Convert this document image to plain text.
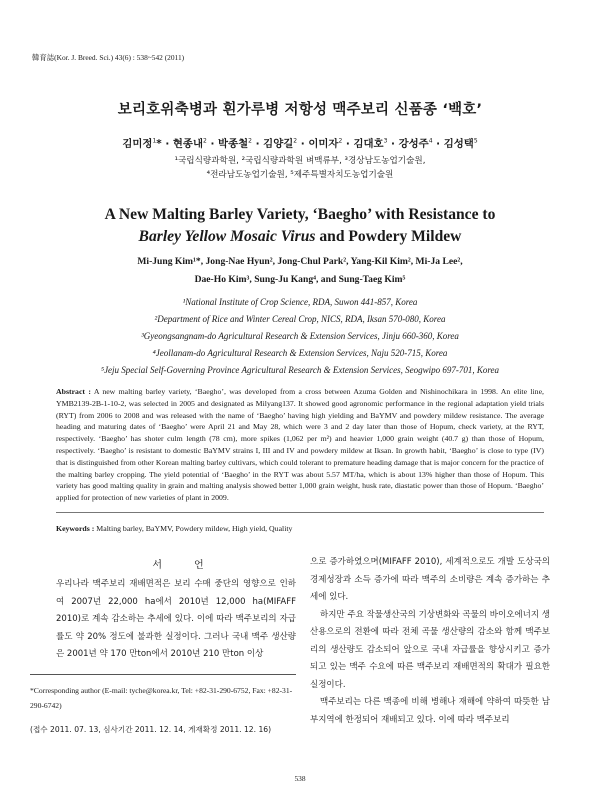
韓育誌(Kor. J. Breed. Sci.) 43(6) : 538~542 (2011)
보리호위축병과 흰가루병 저항성 맥주보리 신품종 ‘백호’
김미정$^1$* · 현종내$^2$ · 박종철$^2$ · 김양길$^2$ · 이미자$^2$ · 김대호$^3$ · 강성주$^4$ · 김성택$^5$
¹국립식량과학원, ²국립식량과학원 벼맥류부, ³경상남도농업기술원,
⁴전라남도농업기술원, ⁵제주특별자치도농업기술원
A New Malting Barley Variety, ‘Baegho’ with Resistance to
Barley Yellow Mosaic Virus and Powdery Mildew
Mi-Jung Kim¹*, Jong-Nae Hyun², Jong-Chul Park², Yang-Kil Kim², Mi-Ja Lee²,
Dae-Ho Kim³, Sung-Ju Kang⁴, and Sung-Taeg Kim⁵
¹National Institute of Crop Science, RDA, Suwon 441-857, Korea
²Department of Rice and Winter Cereal Crop, NICS, RDA, Iksan 570-080, Korea
³Gyeongsangnam-do Agricultural Research & Extension Services, Jinju 660-360, Korea
⁴Jeollanam-do Agricultural Research & Extension Services, Naju 520-715, Korea
⁵Jeju Special Self-Governing Province Agricultural Research & Extension Services, Seogwipo 697-701, Korea
Abstract : A new malting barley variety, ‘Baegho’, was developed from a cross between Azuma Golden and Nishinochikara in 1998. An elite line, YMB2139-2B-1-10-2, was selected in 2005 and designated as Milyang137. It showed good agronomic performance in the regional adaptation yield trials (RYT) from 2006 to 2008 and was released with the name of ‘Baegho’ having high yielding and BaYMV and powdery mildew resistance. The average heading and maturing dates of ‘Baegho’ were April 21 and May 28, which were 3 and 2 day later than those of Hopum, check variety, at the RYT, respectively. ‘Baegho’ has shoter culm length (78 cm), more spikes (1,062 per m²) and heavier 1,000 grain weight (40.7 g) than those of Hopum, respectively. ‘Baegho’ is resistant to domestic BaYMV strains I, III and IV and powdery mildew at Iksan. In growth habit, ‘Baegho’ is close to type (IV) that is distinguished from other Korean malting barley cultivars, which could tolerant to premature heading damage that is major concern for the practice of the malting barley cropping. The yield potential of ‘Baegho’ in the RYT was about 5.57 MT/ha, which is about 13% higher than those of Hopum. This variety has good malting quality in grain and malting analysis showed better 1,000 grain weight, husk rate, diastatic power than those of Hopum. ‘Baegho’ applied for protection of new varieties of plant in 2009.
Keywords : Malting barley, BaYMV, Powdery mildew, High yield, Quality
서언
우리나라 맥주보리 재배면적은 보리 수매 중단의 영향으로 인하여 2007년 22,000 ha에서 2010년 12,000 ha(MIFAFF 2010)로 계속 감소하는 추세에 있다. 이에 따라 맥주보리의 자급률도 약 20% 정도에 불과한 실정이다. 그러나 국내 맥주 생산량은 2001년 약 170 만ton에서 2010년 210 만ton 이상
으로 증가하였으며(MIFAFF 2010), 세계적으로도 개발 도상국의 경제성장과 소득 증가에 따라 맥주의 소비량은 계속 증가하는 추세에 있다.
하지만 주요 작물생산국의 기상변화와 곡물의 바이오에너지 생산용으로의 전환에 따라 전체 곡물 생산량의 감소와 함께 맥주보리의 생산량도 감소되어 앞으로 국내 자급률을 향상시키고 증가되고 있는 맥주 수요에 따른 맥주보리 재배면적의 확대가 필요한 실정이다.
맥주보리는 다른 맥종에 비해 병해나 재해에 약하여 따뜻한 남부지역에 한정되어 재배되고 있다. 이에 따라 맥주보리
*Corresponding author (E-mail: tyche@korea.kr, Tel: +82-31-290-6752, Fax: +82-31-290-6742)
(접수 2011. 07. 13, 심사기간 2011. 12. 14, 게재확정 2011. 12. 16)
538
